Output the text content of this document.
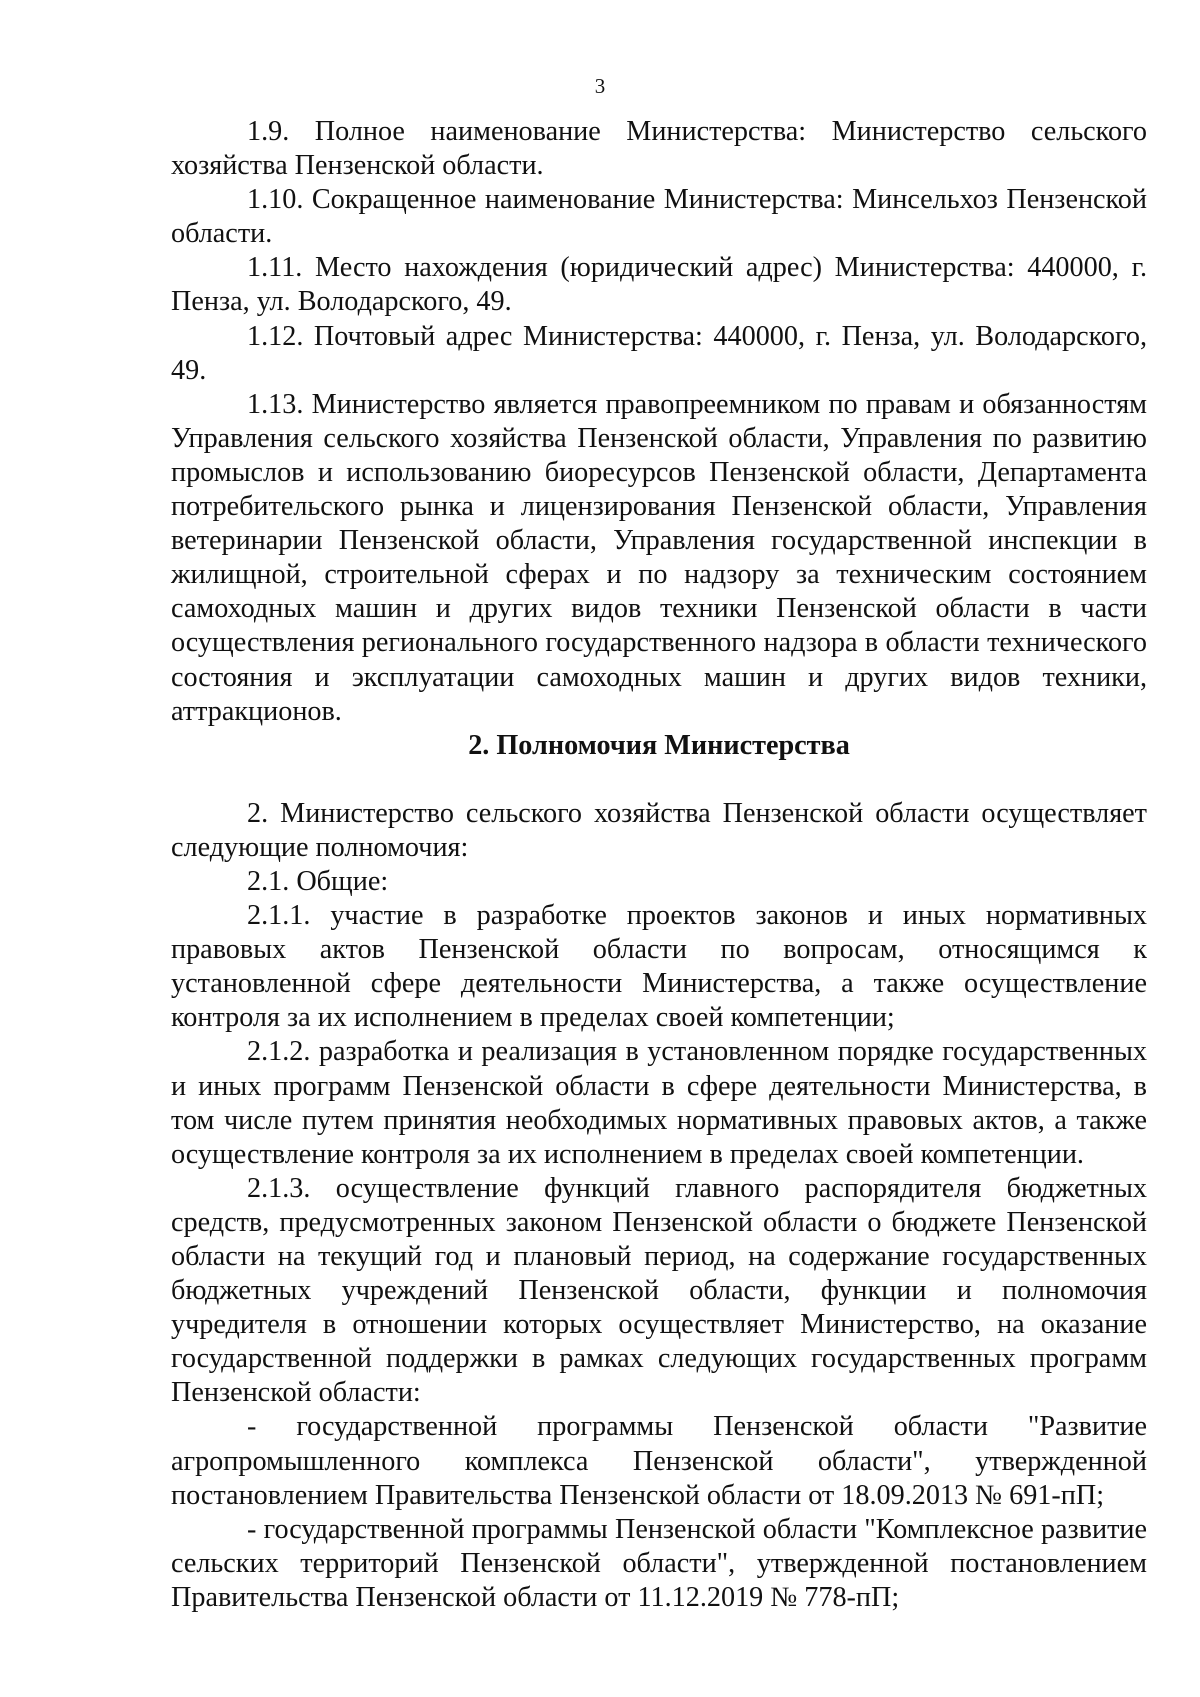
3

1.9. Полное наименование Министерства: Министерство сельского хозяйства Пензенской области.

1.10. Сокращенное наименование Министерства: Минсельхоз Пензенской области.

1.11. Место нахождения (юридический адрес) Министерства: 440000, г. Пенза, ул. Володарского, 49.

1.12. Почтовый адрес Министерства: 440000, г. Пенза, ул. Володарского, 49.

1.13. Министерство является правопреемником по правам и обязанностям Управления сельского хозяйства Пензенской области, Управления по развитию промыслов и использованию биоресурсов Пензенской области, Департамента потребительского рынка и лицензирования Пензенской области, Управления ветеринарии Пензенской области, Управления государственной инспекции в жилищной, строительной сферах и по надзору за техническим состоянием самоходных машин и других видов техники Пензенской области в части осуществления регионального государственного надзора в области технического состояния и эксплуатации самоходных машин и других видов техники, аттракционов.

2. Полномочия Министерства

2. Министерство сельского хозяйства Пензенской области осуществляет следующие полномочия:

2.1. Общие:

2.1.1. участие в разработке проектов законов и иных нормативных правовых актов Пензенской области по вопросам, относящимся к установленной сфере деятельности Министерства, а также осуществление контроля за их исполнением в пределах своей компетенции;

2.1.2. разработка и реализация в установленном порядке государственных и иных программ Пензенской области в сфере деятельности Министерства, в том числе путем принятия необходимых нормативных правовых актов, а также осуществление контроля за их исполнением в пределах своей компетенции.

2.1.3. осуществление функций главного распорядителя бюджетных средств, предусмотренных законом Пензенской области о бюджете Пензенской области на текущий год и плановый период, на содержание государственных бюджетных учреждений Пензенской области, функции и полномочия учредителя в отношении которых осуществляет Министерство, на оказание государственной поддержки в рамках следующих государственных программ Пензенской области:

- государственной программы Пензенской области "Развитие агропромышленного комплекса Пензенской области", утвержденной постановлением Правительства Пензенской области от 18.09.2013 № 691-пП;

- государственной программы Пензенской области "Комплексное развитие сельских территорий Пензенской области", утвержденной постановлением Правительства Пензенской области от 11.12.2019 № 778-пП;
